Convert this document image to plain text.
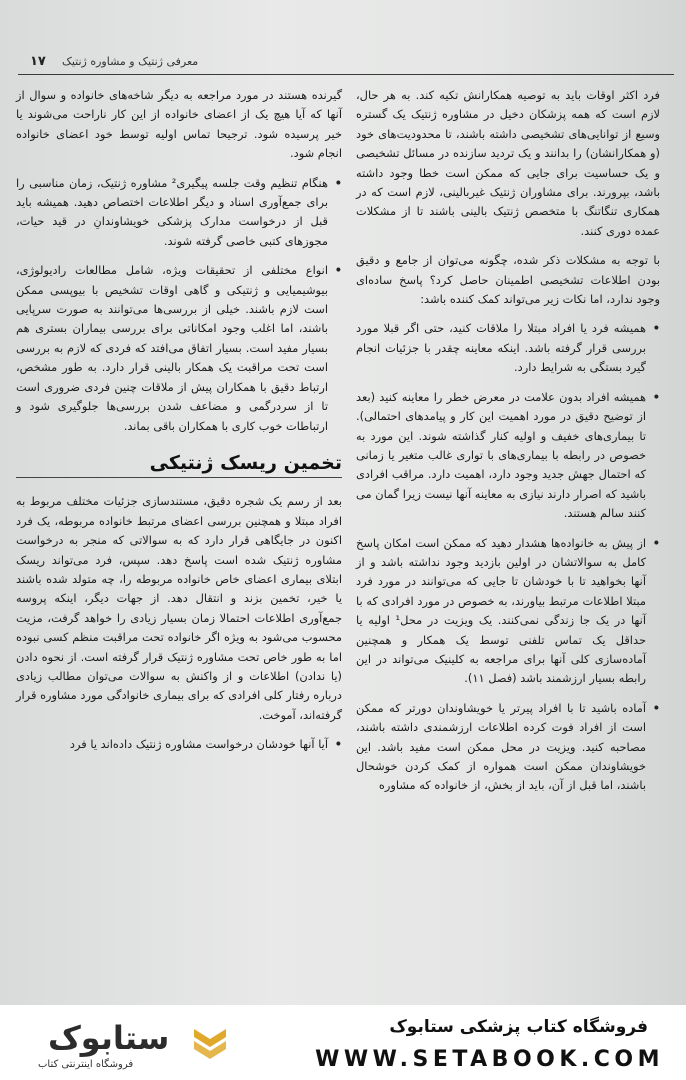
۱۷ معرفی ژنتیک و مشاوره ژنتیک

فرد اکثر اوقات باید به توصیه همکارانش تکیه کند. به هر حال، لازم است که همه پزشکان دخیل در مشاوره ژنتیک یک گستره وسیع از توانایی‌های تشخیصی داشته باشند، تا محدودیت‌های خود (و همکارانشان) را بدانند و یک تردید سازنده در مسائل تشخیصی و یک حساسیت برای جایی که ممکن است خطا وجود داشته باشد، بپرورند. برای مشاوران ژنتیک غیربالینی، لازم است که در همکاری تنگاتنگ با متخصص ژنتیک بالینی باشند تا از مشکلات عمده دوری کنند.

با توجه به مشکلات ذکر شده، چگونه می‌توان از جامع و دقیق بودن اطلاعات تشخیصی اطمینان حاصل کرد؟ پاسخ ساده‌ای وجود ندارد، اما نکات زیر می‌تواند کمک کننده باشد:

• همیشه فرد یا افراد مبتلا را ملاقات کنید، حتی اگر قبلا مورد بررسی قرار گرفته باشد. اینکه معاینه چقدر با جزئیات انجام گیرد بستگی به شرایط دارد.
• همیشه افراد بدون علامت در معرض خطر را معاینه کنید (بعد از توضیح دقیق در مورد اهمیت این کار و پیامدهای احتمالی). تا بیماری‌های خفیف و اولیه کنار گذاشته شوند. این مورد به خصوص در رابطه با بیماری‌های با تواری غالب متغیر یا زمانی که احتمال جهش جدید وجود دارد، اهمیت دارد. مراقب افرادی باشید که اصرار دارند نیازی به معاینه آنها نیست زیرا گمان می کنند سالم هستند.
• از پیش به خانواده‌ها هشدار دهید که ممکن است امکان پاسخ کامل به سوالاتشان در اولین بازدید وجود نداشته باشد و از آنها بخواهید تا با خودشان تا جایی که می‌توانند در مورد فرد مبتلا اطلاعات مرتبط بیاورند، به خصوص در مورد افرادی که با آنها در یک جا زندگی نمی‌کنند. یک ویزیت در محل¹ اولیه یا حداقل یک تماس تلفنی توسط یک همکار و همچنین آماده‌سازی کلی آنها برای مراجعه به کلینیک می‌تواند در این رابطه بسیار ارزشمند باشد (فصل ۱۱).
• آماده باشید تا با افراد پیرتر یا خویشاوندان دورتر که ممکن است از افراد فوت کرده اطلاعات ارزشمندی داشته باشند، مصاحبه کنید. ویزیت در محل ممکن است مفید باشد. این خویشاوندان ممکن است همواره از کمک کردن خوشحال باشند، اما قبل از آن، باید از بخش، از خانواده که مشاوره

گیرنده هستند در مورد مراجعه به دیگر شاخه‌های خانواده و سوال از آنها که آیا هیچ یک از اعضای خانواده از این کار ناراحت می‌شوند یا خیر پرسیده شود. ترجیحا تماس اولیه توسط خود اعضای خانواده انجام شود.

• هنگام تنظیم وقت جلسه پیگیری² مشاوره ژنتیک، زمان مناسبی را برای جمع‌آوری اسناد و دیگر اطلاعات اختصاص دهید. همیشه باید قبل از درخواست مدارک پزشکی خویشاوندانِ در قید حیات، مجوزهای کتبی خاصی گرفته شوند.
• انواع مختلفی از تحقیقات ویژه، شامل مطالعات رادیولوژی، بیوشیمیایی و ژنتیکی و گاهی اوقات تشخیص با بیوپسی ممکن است لازم باشند. خیلی از بررسی‌ها می‌توانند به صورت سرپایی باشند، اما اغلب وجود امکاناتی برای بررسی بیماران بستری هم بسیار مفید است. بسیار اتفاق می‌افتد که فردی که لازم به بررسی است تحت مراقبت یک همکار بالینی قرار دارد. به طور مشخص، ارتباط دقیق با همکاران پیش از ملاقات چنین فردی ضروری است تا از سردرگمی و مضاعف شدن بررسی‌ها جلوگیری شود و ارتباطات خوب کاری با همکاران باقی بماند.
تخمین ریسک ژنتیکی

بعد از رسم یک شجره دقیق، مستندسازی جزئیات مختلف مربوط به افراد مبتلا و همچنین بررسی اعضای مرتبط خانواده مربوطه، یک فرد اکنون در جایگاهی قرار دارد که به سوالاتی که منجر به درخواست مشاوره ژنتیک شده است پاسخ دهد. سپس، فرد می‌تواند ریسک ابتلای بیماری اعضای خاص خانواده مربوطه را، چه متولد شده باشند یا خیر، تخمین بزند و انتقال دهد. از جهات دیگر، اینکه پروسه جمع‌آوری اطلاعات احتمالا زمان بسیار زیادی را خواهد گرفت، مزیت محسوب می‌شود به ویژه اگر خانواده تحت مراقبت منظم کسی نبوده اما به طور خاص تحت مشاوره ژنتیک قرار گرفته است. از نحوه دادن (یا ندادن) اطلاعات و از واکنش به سوالات می‌توان مطالب زیادی درباره رفتار کلی افرادی که برای بیماری خانوادگی مورد مشاوره قرار گرفته‌اند، آموخت.

• آیا آنها خودشان درخواست مشاوره ژنتیک داده‌اند یا فرد
ستابوک
فروشگاه اینترنتی کتاب
فروشگاه کتاب پزشکی ستابوک
WWW.SETABOOK.COM
